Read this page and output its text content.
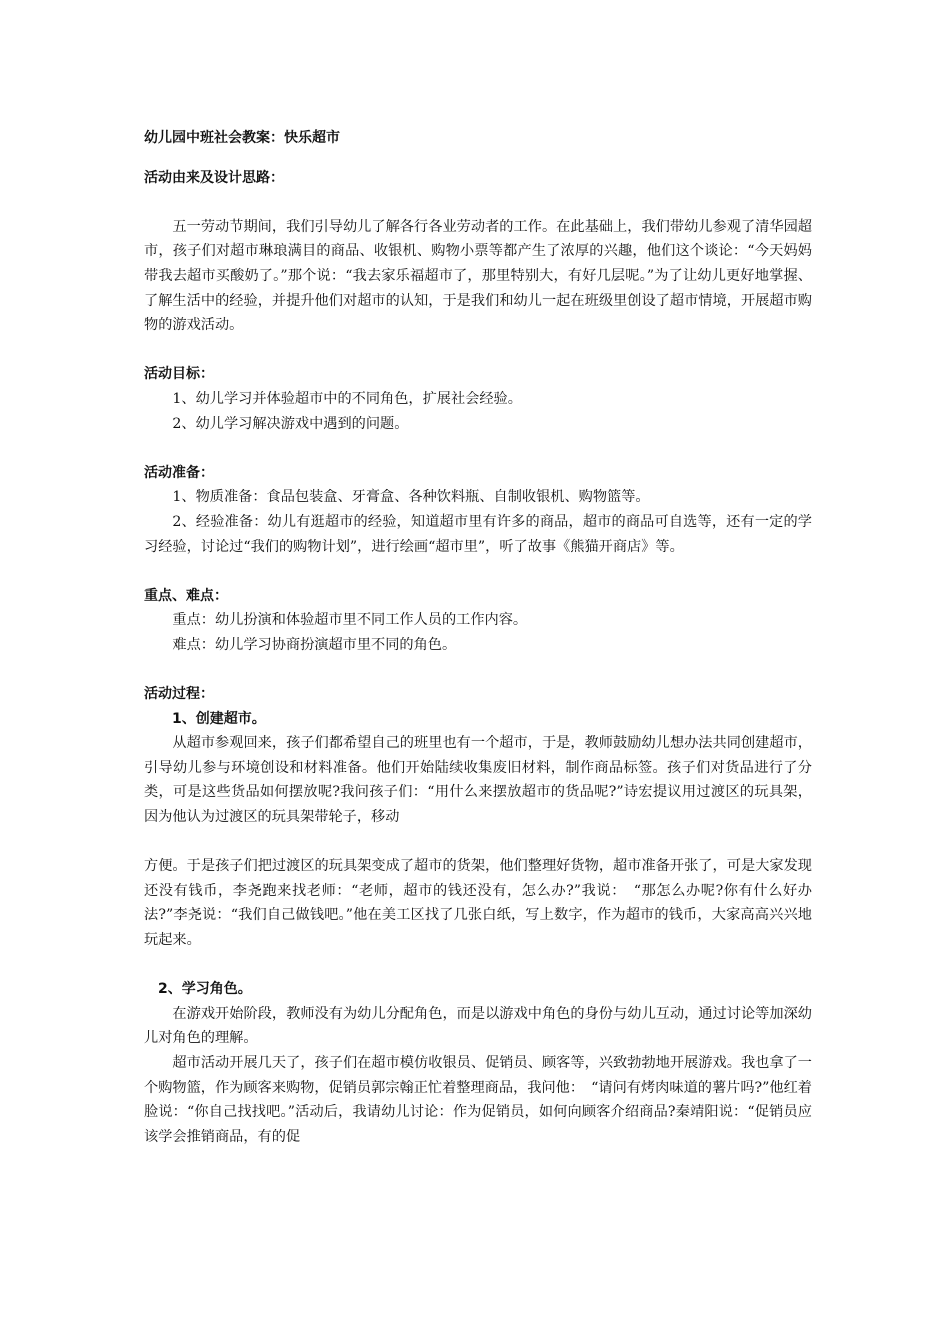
幼儿园中班社会教案：快乐超市
活动由来及设计思路：

五一劳动节期间，我们引导幼儿了解各行各业劳动者的工作。在此基础上，我们带幼儿参观了清华园超市，孩子们对超市琳琅满目的商品、收银机、购物小票等都产生了浓厚的兴趣，他们这个谈论：“今天妈妈带我去超市买酸奶了。”那个说：“我去家乐福超市了，那里特别大，有好几层呢。”为了让幼儿更好地掌握、了解生活中的经验，并提升他们对超市的认知，于是我们和幼儿一起在班级里创设了超市情境，开展超市购物的游戏活动。

活动目标：

1、幼儿学习并体验超市中的不同角色，扩展社会经验。

2、幼儿学习解决游戏中遇到的问题。

活动准备：

1、物质准备：食品包装盒、牙膏盒、各种饮料瓶、自制收银机、购物篮等。

2、经验准备：幼儿有逛超市的经验，知道超市里有许多的商品，超市的商品可自选等，还有一定的学习经验，讨论过“我们的购物计划”，进行绘画“超市里”，听了故事《熊猫开商店》等。

重点、难点：

重点：幼儿扮演和体验超市里不同工作人员的工作内容。

难点：幼儿学习协商扮演超市里不同的角色。

活动过程：
1、创建超市。

从超市参观回来，孩子们都希望自己的班里也有一个超市，于是，教师鼓励幼儿想办法共同创建超市，引导幼儿参与环境创设和材料准备。他们开始陆续收集废旧材料，制作商品标签。孩子们对货品进行了分类，可是这些货品如何摆放呢?我问孩子们：“用什么来摆放超市的货品呢?”诗宏提议用过渡区的玩具架，因为他认为过渡区的玩具架带轮子，移动

方便。于是孩子们把过渡区的玩具架变成了超市的货架，他们整理好货物，超市准备开张了，可是大家发现还没有钱币，李尧跑来找老师：“老师，超市的钱还没有，怎么办?”我说：　“那怎么办呢?你有什么好办法?”李尧说：“我们自己做钱吧。”他在美工区找了几张白纸，写上数字，作为超市的钱币，大家高高兴兴地玩起来。

2、学习角色。

在游戏开始阶段，教师没有为幼儿分配角色，而是以游戏中角色的身份与幼儿互动，通过讨论等加深幼儿对角色的理解。

超市活动开展几天了，孩子们在超市模仿收银员、促销员、顾客等，兴致勃勃地开展游戏。我也拿了一个购物篮，作为顾客来购物，促销员郭宗翰正忙着整理商品，我问他：　“请问有烤肉味道的薯片吗?”他红着脸说：“你自己找找吧。”活动后，我请幼儿讨论：作为促销员，如何向顾客介绍商品?秦靖阳说：“促销员应该学会推销商品，有的促
